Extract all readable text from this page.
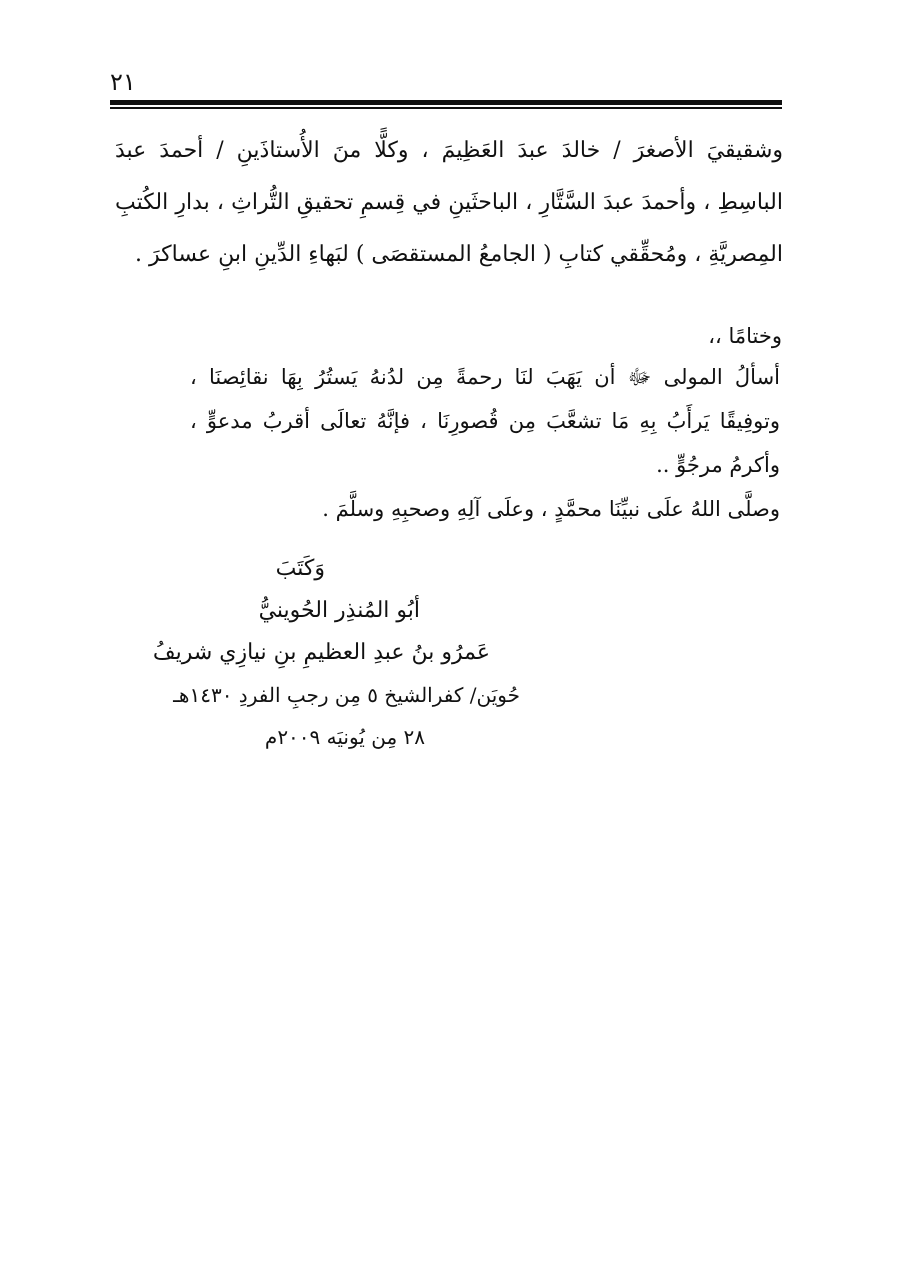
٢١
وشقيقيَ الأصغرَ / خالدَ عبدَ العَظِيمَ ، وكلًّا منَ الأُستاذَينِ / أحمدَ عبدَ الباسِطِ ، وأحمدَ عبدَ السَّتَّارِ ، الباحثَينِ في قِسمِ تحقيقِ التُّراثِ ، بدارِ الكُتبِ المِصريَّةِ ، ومُحقِّقي كتابِ ( الجامعُ المستقصَى ) لبَهاءِ الدِّينِ ابنِ عساكرَ .
وختامًا ،،

أسألُ المولى ﷻ أن يَهَبَ لنَا رحمةً مِن لدُنهُ يَستُرُ بِهَا نقائِصنَا ، وتوفِيقًا يَرأَبُ بِهِ مَا تشعَّبَ مِن قُصورِنَا ، فإنَّهُ تعالَى أقربُ مدعوٍّ ، وأكرمُ مرجُوٍّ ..

وصلَّى اللهُ علَى نبيِّنَا محمَّدٍ ، وعلَى آلِهِ وصحبِهِ وسلَّمَ .

وَكَتَبَ
أبُو المُنذِر الحُوينيُّ
عَمرُو بنُ عبدِ العظيمِ بنِ نيازِي شريفُ
حُويَن/ كفرالشيخ ٥ مِن رجبِ الفردِ ١٤٣٠هـ
٢٨ مِن يُونيَه ٢٠٠٩م
